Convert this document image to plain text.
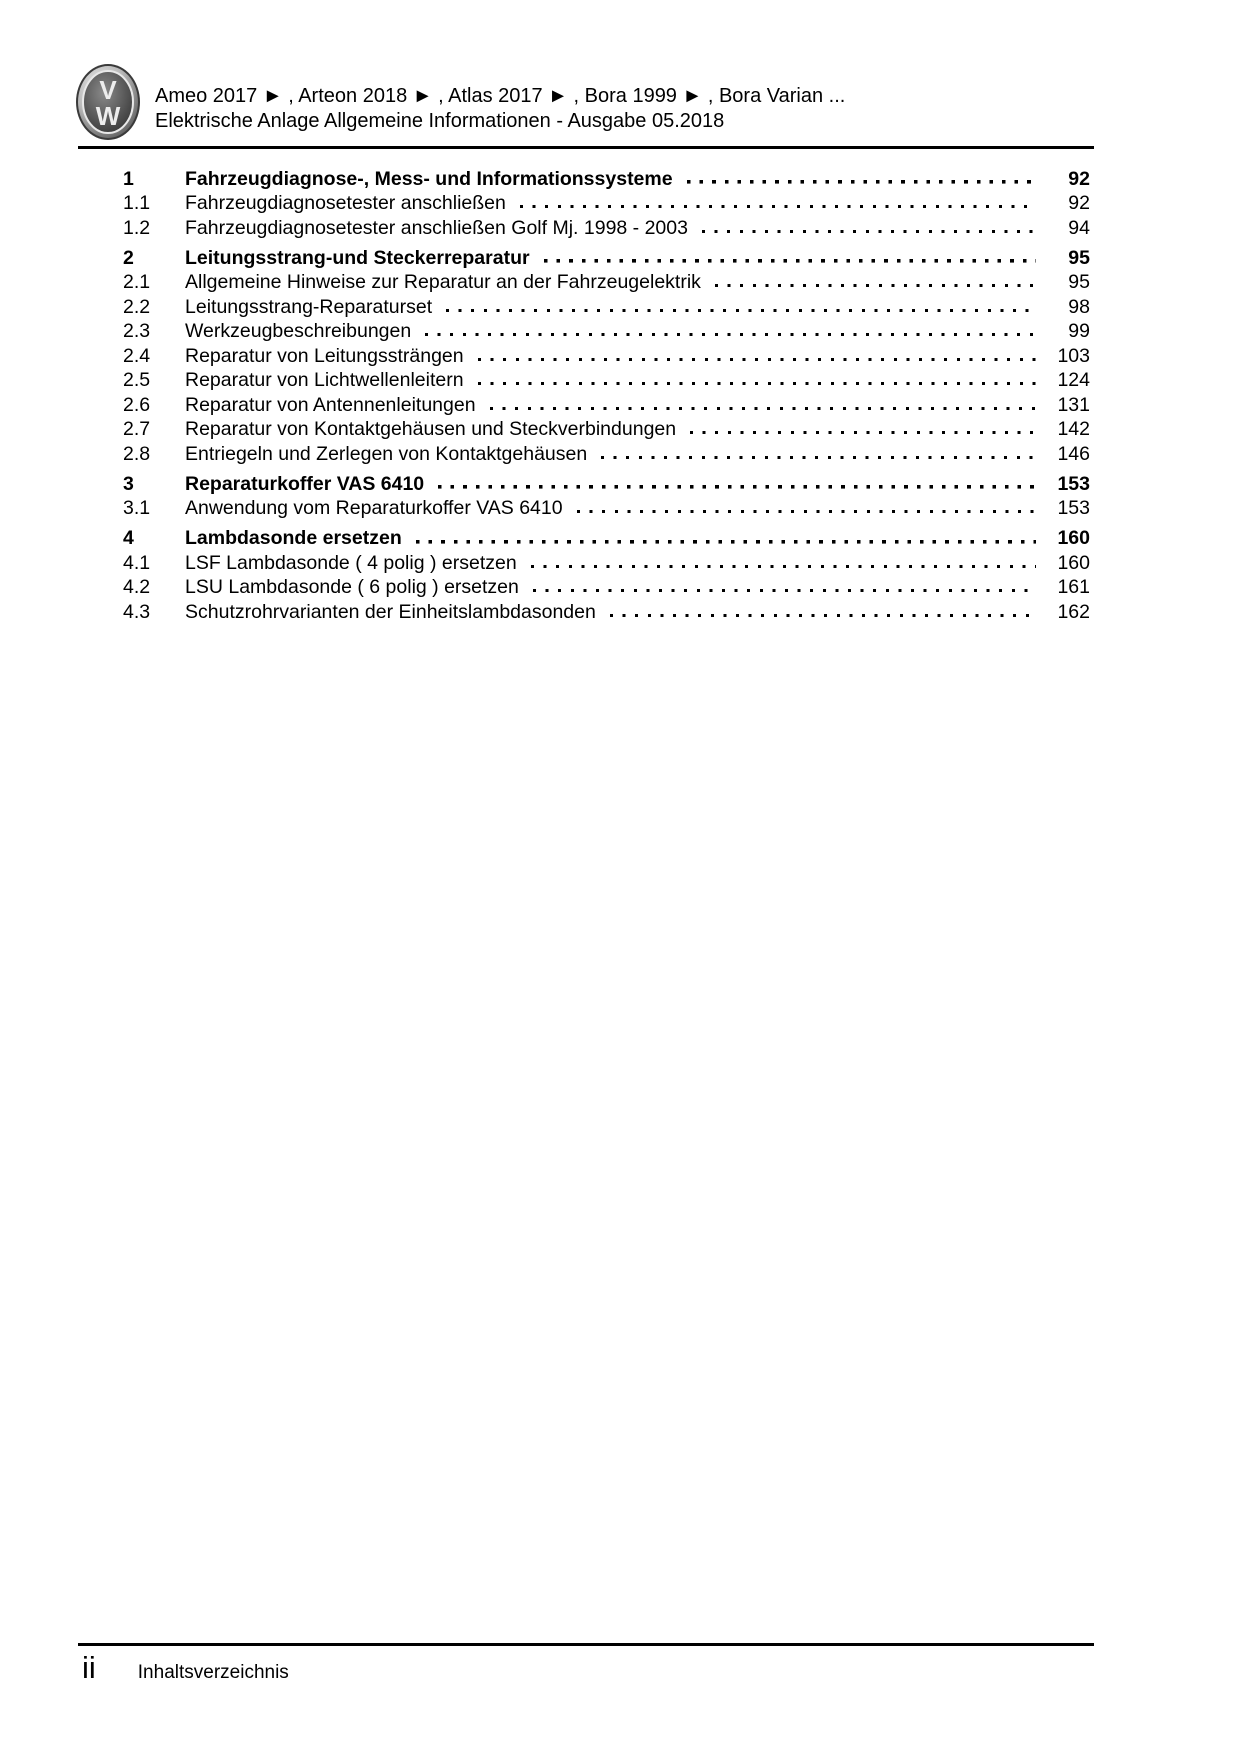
V
W
Ameo 2017 ► , Arteon 2018 ► , Atlas 2017 ► , Bora 1999 ► , Bora Varian ...
Elektrische Anlage Allgemeine Informationen - Ausgabe 05.2018
1	Fahrzeugdiagnose-, Mess- und Informationssysteme	92
1.1	Fahrzeugdiagnosetester anschließen	92
1.2	Fahrzeugdiagnosetester anschließen Golf Mj. 1998 - 2003	94
2	Leitungsstrang-und Steckerreparatur	95
2.1	Allgemeine Hinweise zur Reparatur an der Fahrzeugelektrik	95
2.2	Leitungsstrang-Reparaturset	98
2.3	Werkzeugbeschreibungen	99
2.4	Reparatur von Leitungssträngen	103
2.5	Reparatur von Lichtwellenleitern	124
2.6	Reparatur von Antennenleitungen	131
2.7	Reparatur von Kontaktgehäusen und Steckverbindungen	142
2.8	Entriegeln und Zerlegen von Kontaktgehäusen	146
3	Reparaturkoffer VAS 6410	153
3.1	Anwendung vom Reparaturkoffer VAS 6410	153
4	Lambdasonde ersetzen	160
4.1	LSF Lambdasonde ( 4 polig ) ersetzen	160
4.2	LSU Lambdasonde ( 6 polig ) ersetzen	161
4.3	Schutzrohrvarianten der Einheitslambdasonden	162
ii Inhaltsverzeichnis
